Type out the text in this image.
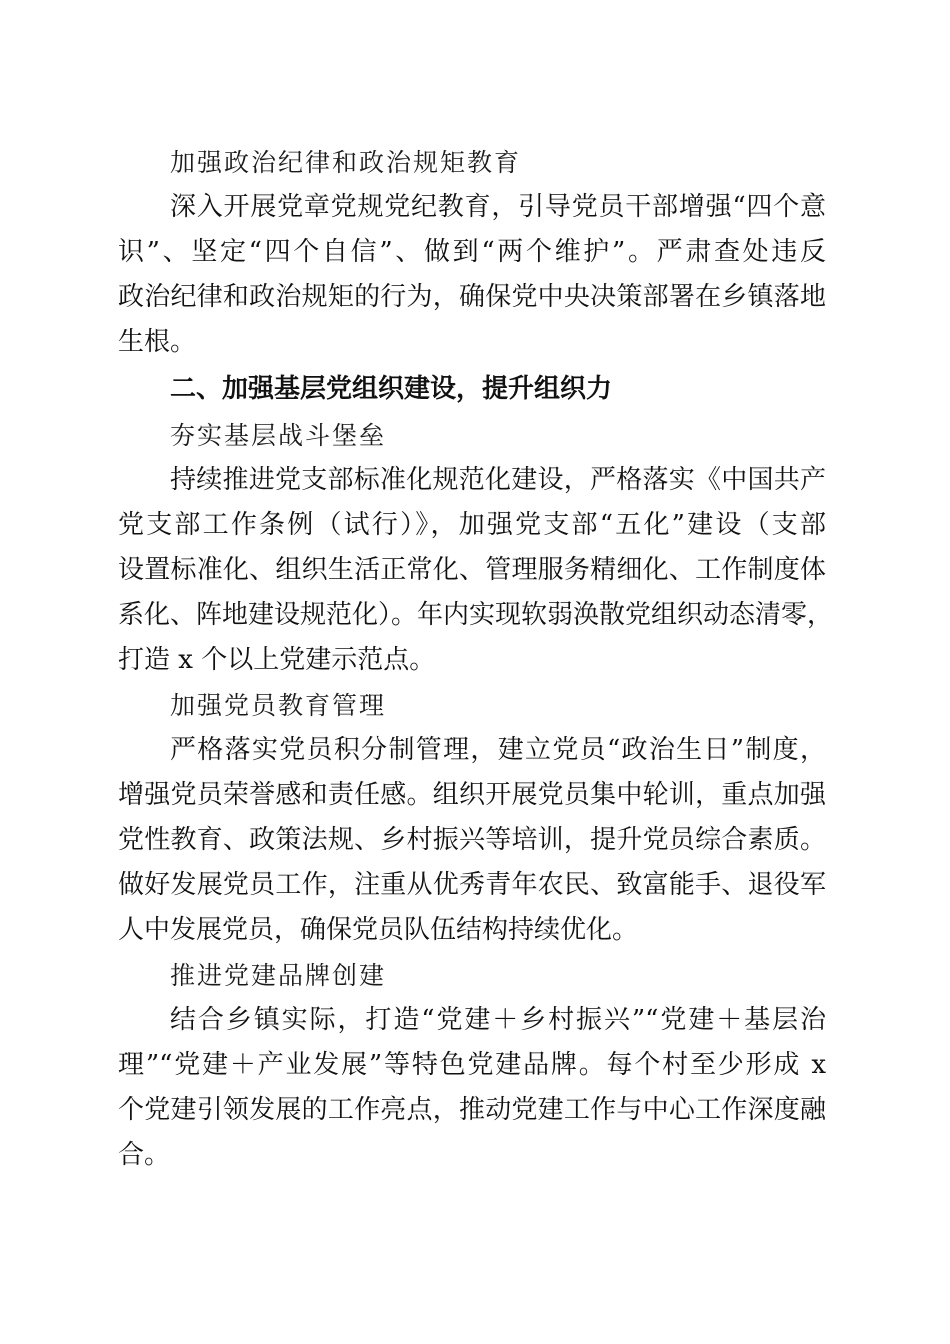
加强政治纪律和政治规矩教育
深入开展党章党规党纪教育，引导党员干部增强“四个意
识”、坚定“四个自信”、做到“两个维护”。严肃查处违反
政治纪律和政治规矩的行为，确保党中央决策部署在乡镇落地
生根。
二、加强基层党组织建设，提升组织力
夯实基层战斗堡垒
持续推进党支部标准化规范化建设，严格落实《中国共产
党支部工作条例（试行）》，加强党支部“五化”建设（支部
设置标准化、组织生活正常化、管理服务精细化、工作制度体
系化、阵地建设规范化）。年内实现软弱涣散党组织动态清零，
打造 x 个以上党建示范点。
加强党员教育管理
严格落实党员积分制管理，建立党员“政治生日”制度，
增强党员荣誉感和责任感。组织开展党员集中轮训，重点加强
党性教育、政策法规、乡村振兴等培训，提升党员综合素质。
做好发展党员工作，注重从优秀青年农民、致富能手、退役军
人中发展党员，确保党员队伍结构持续优化。
推进党建品牌创建
结合乡镇实际，打造“党建＋乡村振兴”“党建＋基层治
理”“党建＋产业发展”等特色党建品牌。每个村至少形成 x
个党建引领发展的工作亮点，推动党建工作与中心工作深度融
合。
